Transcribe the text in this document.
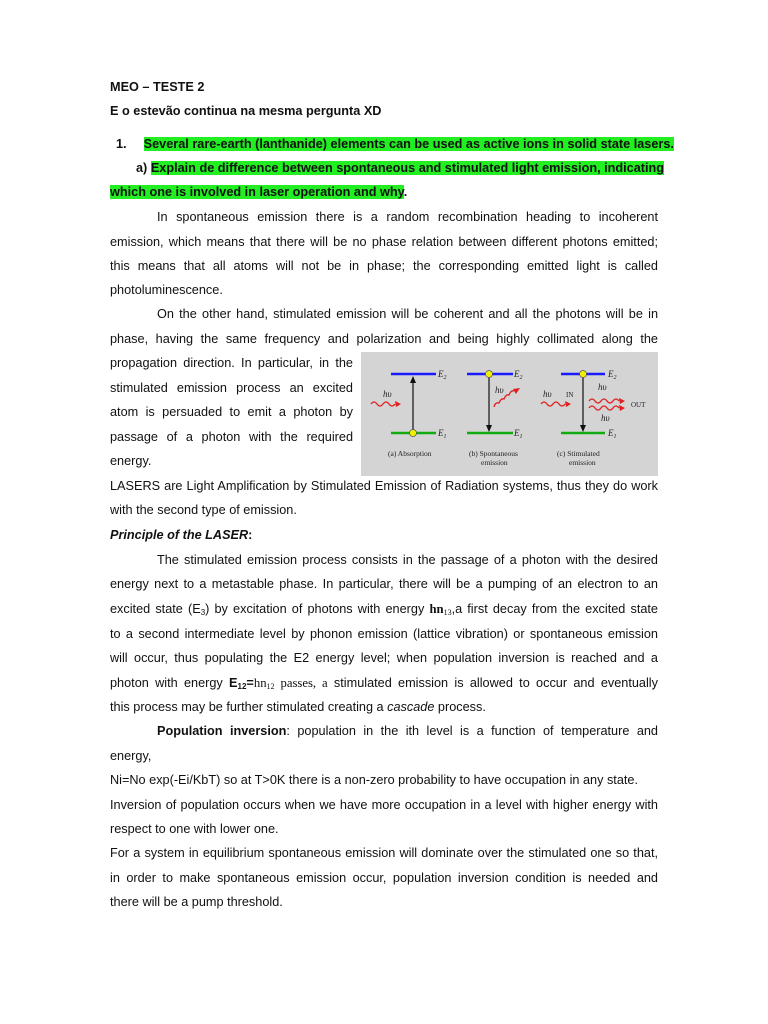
MEO – TESTE 2
E o estevão continua na mesma pergunta XD
1. Several rare-earth (lanthanide) elements can be used as active ions in solid state lasers.
a) Explain de difference between spontaneous and stimulated light emission, indicating
which one is involved in laser operation and why.
In spontaneous emission there is a random recombination heading to incoherent
emission, which means that there will be no phase relation between different photons emitted;
this means that all atoms will not be in phase; the corresponding emitted light is called
photoluminescence.
On the other hand, stimulated emission will be coherent and all the photons will be in
phase, having the same frequency and polarization and being highly collimated along the
propagation direction. In particular, in the
stimulated emission process an excited
atom is persuaded to emit a photon by
passage of a photon with the required
energy.
hυ
$E_2$
$E_1$
(a) Absorption
hυ
$E_2$
$E_1$
(b) Spontaneous
emission
hυ IN
hυ
hυ
OUT
$E_2$
$E_1$
(c) Stimulated
emission
LASERS are Light Amplification by Stimulated Emission of Radiation systems, thus they do work
with the second type of emission.
Principle of the LASER:
The stimulated emission process consists in the passage of a photon with the desired
energy next to a metastable phase. In particular, there will be a pumping of an electron to an
excited state $(E_3)$ by excitation of photons with energy $hn_{13},a$ first decay from the excited state
to a second intermediate level by phonon emission (lattice vibration) or spontaneous emission
will occur, thus populating the E2 energy level; when population inversion is reached and a
photon with energy $E_{12}=hn_{12}$ passes, a stimulated emission is allowed to occur and eventually
this process may be further stimulated creating a cascade process.
Population inversion: population in the ith level is a function of temperature and
energy,
Ni=No exp(-Ei/KbT) so at T>0K there is a non-zero probability to have occupation in any state.
Inversion of population occurs when we have more occupation in a level with higher energy with
respect to one with lower one.
For a system in equilibrium spontaneous emission will dominate over the stimulated one so that,
in order to make spontaneous emission occur, population inversion condition is needed and
there will be a pump threshold.
